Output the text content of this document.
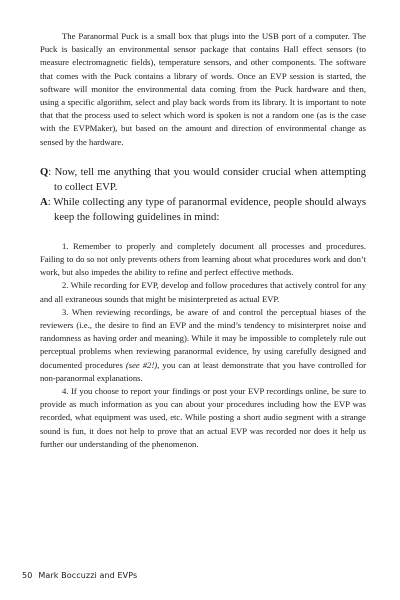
The Paranormal Puck is a small box that plugs into the USB port of a computer. The Puck is basically an environmental sensor package that contains Hall effect sensors (to measure electromagnetic fields), temperature sensors, and other components. The software that comes with the Puck contains a library of words. Once an EVP session is started, the software will monitor the environmental data coming from the Puck hardware and then, using a specific algorithm, select and play back words from its library. It is important to note that that the process used to select which word is spoken is not a random one (as is the case with the EVPMaker), but based on the amount and direction of environmental change as sensed by the hardware.

Q: Now, tell me anything that you would consider crucial when attempting to collect EVP.

A: While collecting any type of paranormal evidence, people should always keep the following guidelines in mind:

1. Remember to properly and completely document all processes and procedures. Failing to do so not only prevents others from learning about what procedures work and don’t work, but also impedes the ability to refine and perfect effective methods.

2. While recording for EVP, develop and follow procedures that actively control for any and all extraneous sounds that might be misinterpreted as actual EVP.

3. When reviewing recordings, be aware of and control the perceptual biases of the reviewers (i.e., the desire to find an EVP and the mind’s tendency to misinterpret noise and randomness as having order and meaning). While it may be impossible to completely rule out perceptual problems when reviewing paranormal evidence, by using carefully designed and documented procedures (see #2!), you can at least demonstrate that you have controlled for non-paranormal explanations.

4. If you choose to report your findings or post your EVP recordings online, be sure to provide as much information as you can about your procedures including how the EVP was recorded, what equipment was used, etc. While posting a short audio segment with a strange sound is fun, it does not help to prove that an actual EVP was recorded nor does it help us further our understanding of the phenomenon.

50 Mark Boccuzzi and EVPs
